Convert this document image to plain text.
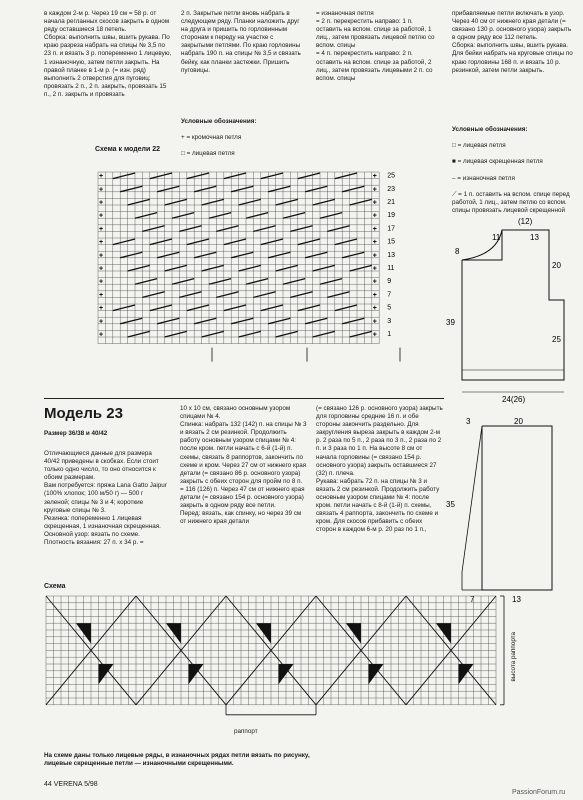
в каждом 2-м р. Через 19 см = 58 р. от начала регланных скосов закрыть в одном ряду оставшиеся 18 петель.
Сборка: выполнить швы, вшить рукава. По краю разреза набрать на спицы № 3,5 по 23 п. и вязать 3 р. попеременно 1 лицевую, 1 изнаночную, затем петли закрыть. На правой планке в 1-м р. (= изн. ряд) выполнить 2 отверстия для пуговиц: провязать 2 п., 2 п. закрыть, провязать 15 п., 2 п. закрыть и провязать
2 п. Закрытые петли вновь набрать в следующем ряду. Планки наложить друг на друга и пришить по горловинным сторонам к переду на участке с закрытыми петлями. По краю горловины набрать 190 п. на спицы № 3,5 и связать бейку, как планки застежки. Пришить пуговицы.
= изнаночная петля
= 2 п. перекрестить направо: 1 п. оставить на вспом. спице за работой, 1 лиц., затем провязать лицевой петлю со вспом. спицы
= 4 п. перекрестить направо: 2 п. оставить на вспом. спице за работой, 2 лиц., затем провязать лицевыми 2 п. со вспом. спицы
прибавляемые петли включать в узор. Через 40 см от нижнего края детали (= связано 130 р. основного узора) закрыть в одном ряду все 112 петель.
Сборка: выполнить швы, вшить рукава. Для бейки набрать на круговые спицы по краю горловины 168 п. и вязать 10 р. резинкой, затем петли закрыть.

Условные обозначения:

+ = кромочная петля

□ = лицевая петля

Условные обозначения:

□ = лицевая петля

■ = лицевая скрещенная петля

– = изнаночная петля

⟋ = 1 п. оставить на вспом. спице перед работой, 1 лиц., затем петлю со вспом. спицы провязать лицевой скрещенной

Схема к модели 22
25
23
21
19
17
15
13
11
9
7
5
3
1
+	+
+	+
+	+
+	+
+	+
+	+
+	+
+	+
+	+
+	+
+	+
+	+
+	+
(12)
11	13
8
20
39
25
24(26)
3	20
35
7	13
Модель 23
Размер 36/38 и 40/42
Отличающиеся данные для размера 40/42 приведены в скобках. Если стоит только одно число, то оно относится к обоим размерам.
Вам потребуется: пряжа Lana Gatto Jaipur (100% хлопок; 100 м/50 г) — 500 г зеленой; спицы № 3 и 4; короткие круговые спицы № 3.
Резинка: попеременно 1 лицевая скрещенная, 1 изнаночная скрещенная.
Основной узор: вязать по схеме.
Плотность вязания: 27 п. х 34 р. =
10 х 10 см, связано основным узором спицами № 4.
Спинка: набрать 132 (142) п. на спицы № 3 и вязать 2 см резинкой. Продолжить работу основным узором спицами № 4: после кром. петли начать с 6-й (1-й) п. схемы, связать 8 раппортов, закончить по схеме и кром. Через 27 см от нижнего края детали (= связано 86 р. основного узора) закрыть с обеих сторон для пройм по 8 п. = 116 (126) п. Через 47 см от нижнего края детали (= связано 154 р. основного узора) закрыть в одном ряду все петли.
Перед: вязать, как спинку, но через 39 см от нижнего края детали
(= связано 126 р. основного узора) закрыть для горловины средние 16 п. и обе стороны закончить раздельно. Для закругления выреза закрыть в каждом 2-м р. 2 раза по 5 п., 2 раза по 3 п., 2 раза по 2 п. и 3 раза по 1 п. На высоте 8 см от начала горловины (= связано 154 р. основного узора) закрыть оставшиеся 27 (32) п. плеча.
Рукава: набрать 72 п. на спицы № 3 и вязать 2 см резинкой. Продолжить работу основным узором спицами № 4: после кром. петли начать с 8-й (1-й) п. схемы, связать 4 раппорта, закончить по схеме и кром. Для скосов прибавить с обеих сторон в каждом 6-м р. 20 раз по 1 п.,
Схема
раппорт
высота раппорта
На схеме даны только лицевые ряды, в изнаночных рядах петли вязать по рисунку, лицевые скрещенные петли — изнаночными скрещенными.
44 VERENA 5/98
PassionForum.ru
